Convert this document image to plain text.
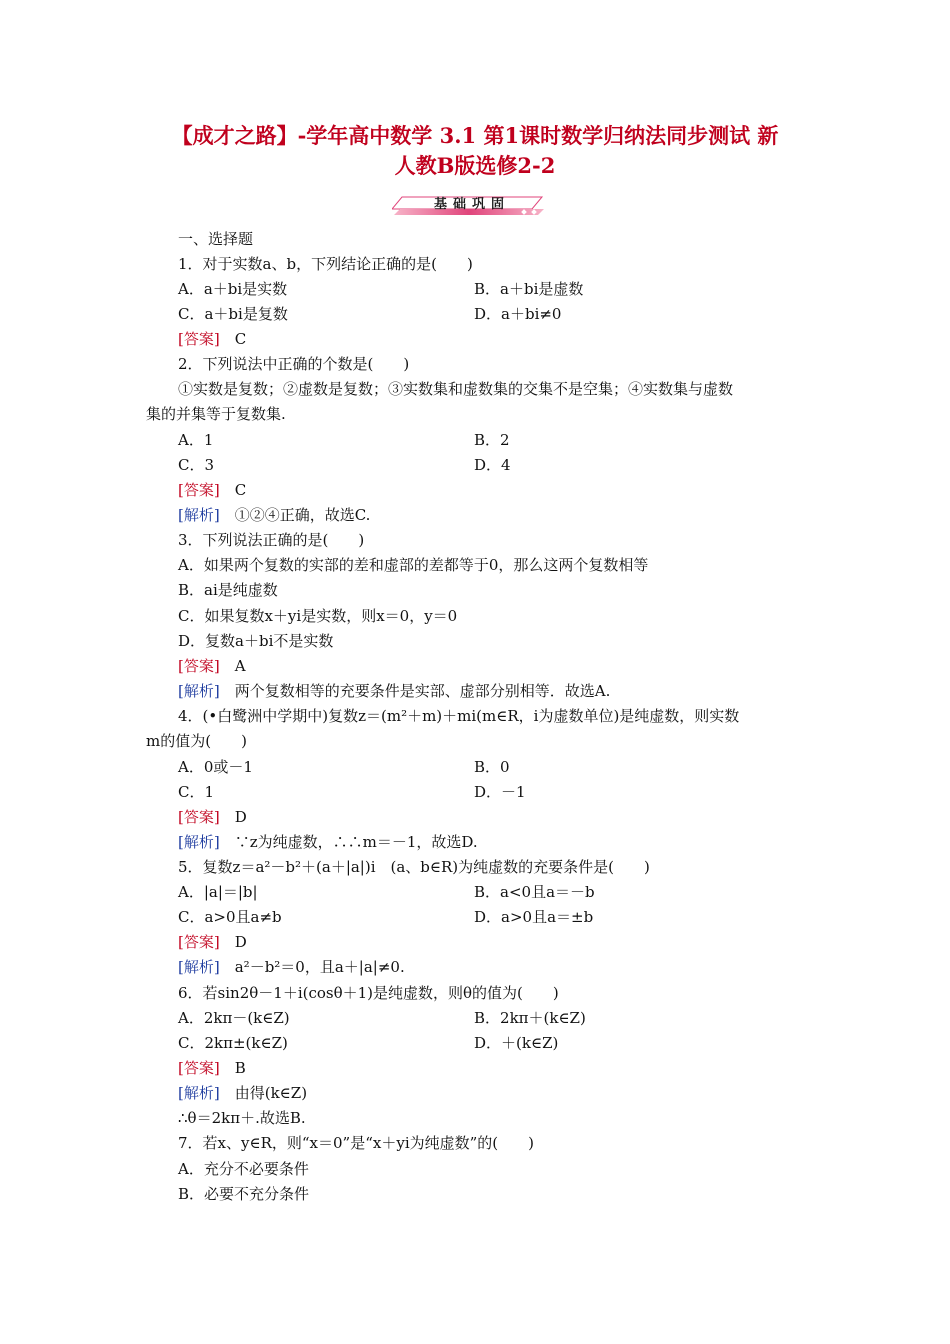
【成才之路】-学年高中数学 3.1 第1课时数学归纳法同步测试 新
人教B版选修2-2
基础巩固
一、选择题
1．对于实数a、b，下列结论正确的是(　　)
A．a＋bi是实数	B．a＋bi是虚数
C．a＋bi是复数	D．a＋bi≠0
[答案]　 C
2．下列说法中正确的个数是(　　)
①实数是复数；②虚数是复数；③实数集和虚数集的交集不是空集；④实数集与虚数
集的并集等于复数集.
A．1	B．2
C．3	D．4
[答案]　 C
[解析]　 ①②④正确，故选C.
3．下列说法正确的是(　　)
A．如果两个复数的实部的差和虚部的差都等于0，那么这两个复数相等
B．ai是纯虚数
C．如果复数x＋yi是实数，则x＝0，y＝0
D．复数a＋bi不是实数
[答案]　 A
[解析]　 两个复数相等的充要条件是实部、虚部分别相等．故选A.
4．(•白鹭洲中学期中)复数z＝(m²＋m)＋mi(m∈R，i为虚数单位)是纯虚数，则实数
m的值为(　　)
A．0或－1	B．0
C．1	D．－1
[答案]　 D
[解析]　 ∵z为纯虚数，∴∴m＝－1，故选D.
5．复数z＝a²－b²＋(a＋|a|)i　(a、b∈R)为纯虚数的充要条件是(　　)
A．|a|＝|b|	B．a<0且a＝－b
C．a>0且a≠b	D．a>0且a＝±b
[答案]　 D
[解析]　 a²－b²＝0，且a＋|a|≠0.
6．若sin2θ－1＋i(cosθ＋1)是纯虚数，则θ的值为(　　)
A．2kπ－(k∈Z)	B．2kπ＋(k∈Z)
C．2kπ±(k∈Z)	D．＋(k∈Z)
[答案]　 B
[解析]　 由得(k∈Z)
∴θ＝2kπ＋.故选B.
7．若x、y∈R，则“x＝0”是“x＋yi为纯虚数”的(　　)
A．充分不必要条件
B．必要不充分条件
